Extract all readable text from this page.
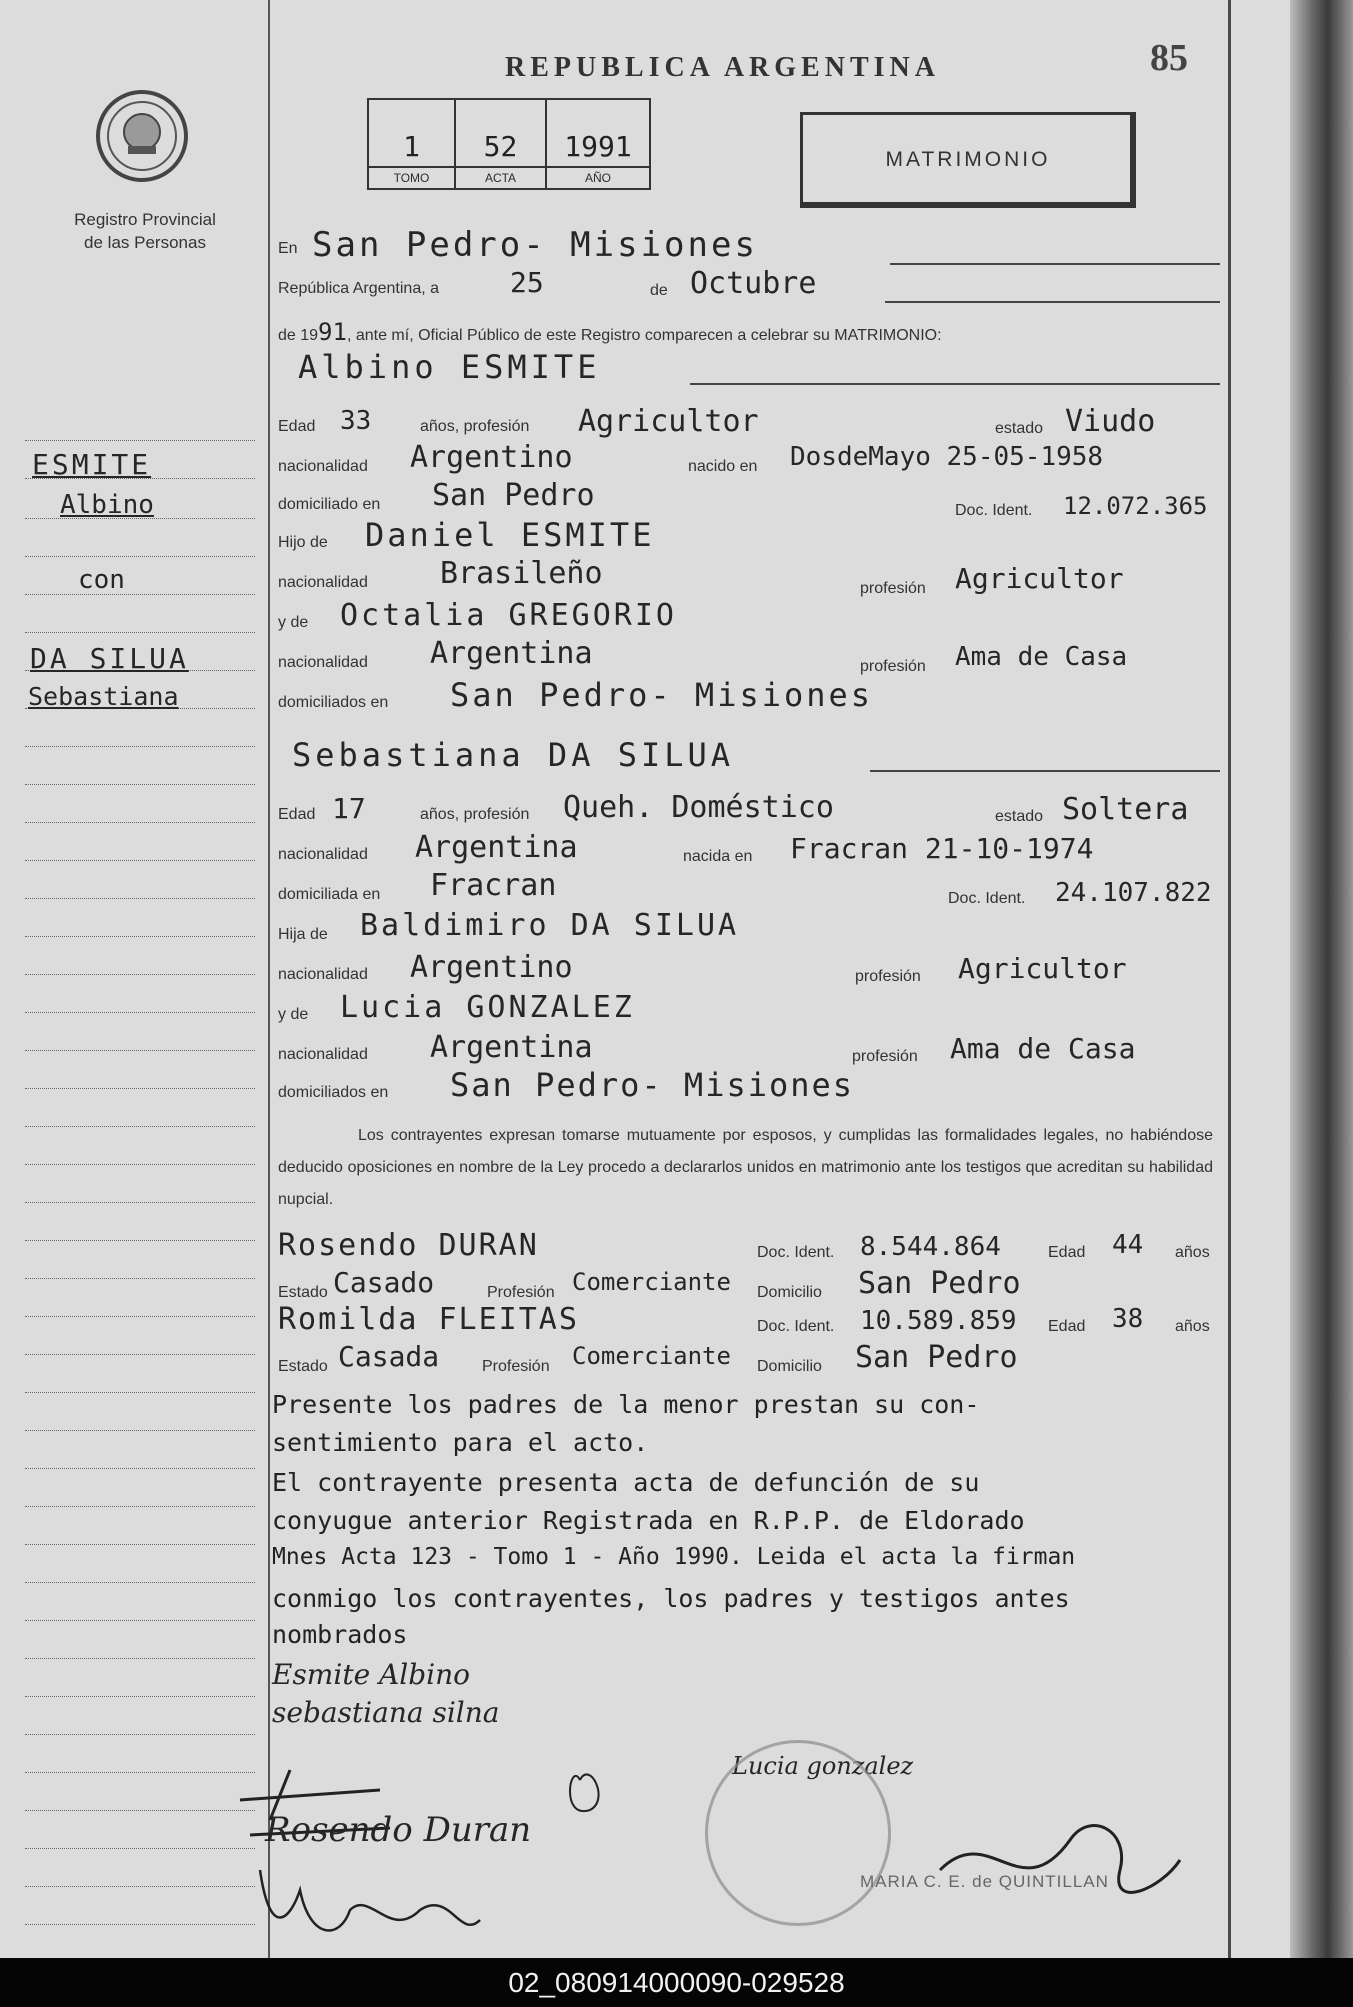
REPUBLICA ARGENTINA	85
Registro Provincial
de las Personas
1
TOMO
52
ACTA
1991
AÑO
MATRIMONIO
ESMITE
Albino
con
DA SILUA
Sebastiana
En San Pedro- Misiones
República Argentina, a	25	de Octubre
de 1991, ante mí, Oficial Público de este Registro comparecen a celebrar su MATRIMONIO:
Albino ESMITE
Edad 33	años, profesión Agricultor	estado Viudo
nacionalidad Argentino	nacido en DosdeMayo 25-05-1958
domiciliado en San Pedro	Doc. Ident. 12.072.365
Hijo de Daniel ESMITE
nacionalidad Brasileño	profesión Agricultor
y de Octalia GREGORIO
nacionalidad Argentina	profesión Ama de Casa
domiciliados en San Pedro- Misiones
Sebastiana DA SILUA
Edad 17	años, profesión Queh. Doméstico	estado Soltera
nacionalidad Argentina	nacida en Fracran 21-10-1974
domiciliada en Fracran	Doc. Ident. 24.107.822
Hija de Baldimiro DA SILUA
nacionalidad Argentino	profesión Agricultor
y de Lucia GONZALEZ
nacionalidad Argentina	profesión Ama de Casa
domiciliados en San Pedro- Misiones
Los contrayentes expresan tomarse mutuamente por esposos, y cumplidas las formalidades legales, no habiéndose deducido oposiciones en nombre de la Ley procedo a declararlos unidos en matrimonio ante los testigos que acreditan su habilidad nupcial.
Rosendo DURAN	Doc. Ident. 8.544.864	Edad 44 años
Estado Casado	Profesión Comerciante Domicilio San Pedro
Romilda FLEITAS	Doc. Ident. 10.589.859 Edad 38 años
Estado Casada	Profesión Comerciante Domicilio San Pedro
Presente los padres de la menor prestan su con-
sentimiento para el acto.
El contrayente presenta acta de defunción de su
conyugue anterior Registrada en R.P.P. de Eldorado
Mnes Acta 123 - Tomo 1 - Año 1990. Leida el acta la firman
conmigo los contrayentes, los padres y testigos antes
nombrados
Esmite Albino
sebastiana silna
Rosendo Duran
Lucia gonzalez
MARIA C. E. de QUINTILLAN
02_080914000090-029528
